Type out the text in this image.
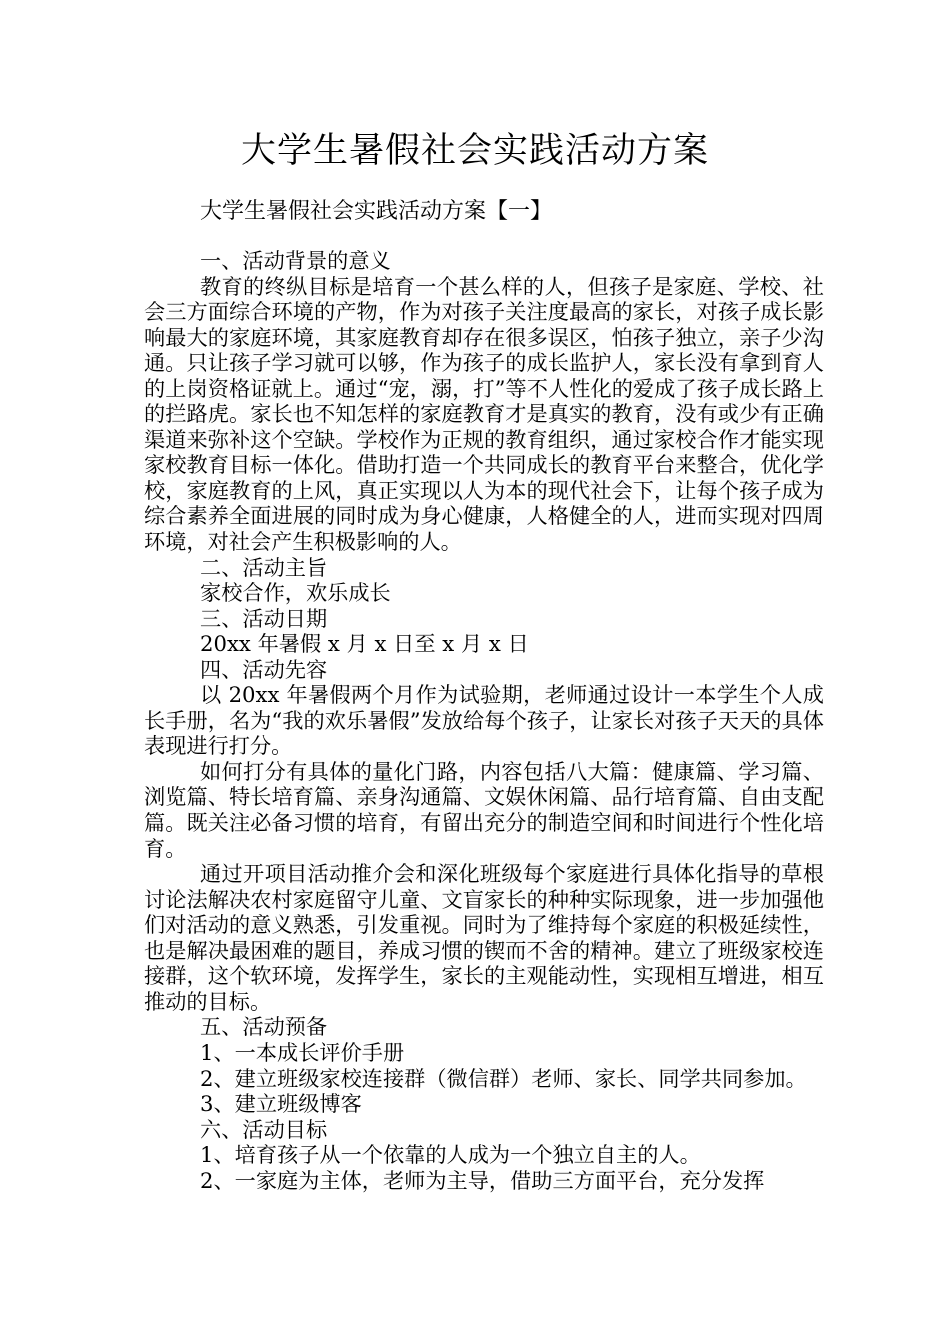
大学生暑假社会实践活动方案
大学生暑假社会实践活动方案【一】

一、活动背景的意义

教育的终纵目标是培育一个甚么样的人，但孩子是家庭、学校、社会三方面综合环境的产物，作为对孩子关注度最高的家长，对孩子成长影响最大的家庭环境，其家庭教育却存在很多误区，怕孩子独立，亲子少沟通。只让孩子学习就可以够，作为孩子的成长监护人，家长没有拿到育人的上岗资格证就上。通过“宠，溺，打”等不人性化的爱成了孩子成长路上的拦路虎。家长也不知怎样的家庭教育才是真实的教育，没有或少有正确渠道来弥补这个空缺。学校作为正规的教育组织，通过家校合作才能实现家校教育目标一体化。借助打造一个共同成长的教育平台来整合，优化学校，家庭教育的上风，真正实现以人为本的现代社会下，让每个孩子成为综合素养全面进展的同时成为身心健康，人格健全的人，进而实现对四周环境，对社会产生积极影响的人。

二、活动主旨

家校合作，欢乐成长

三、活动日期

20xx 年暑假 x 月 x 日至 x 月 x 日

四、活动先容

以 20xx 年暑假两个月作为试验期，老师通过设计一本学生个人成长手册，名为“我的欢乐暑假”发放给每个孩子，让家长对孩子天天的具体表现进行打分。

如何打分有具体的量化门路，内容包括八大篇：健康篇、学习篇、浏览篇、特长培育篇、亲身沟通篇、文娱休闲篇、品行培育篇、自由支配篇。既关注必备习惯的培育，有留出充分的制造空间和时间进行个性化培育。

通过开项目活动推介会和深化班级每个家庭进行具体化指导的草根讨论法解决农村家庭留守儿童、文盲家长的种种实际现象，进一步加强他们对活动的意义熟悉，引发重视。同时为了维持每个家庭的积极延续性，也是解决最困难的题目，养成习惯的锲而不舍的精神。建立了班级家校连接群，这个软环境，发挥学生，家长的主观能动性，实现相互增进，相互推动的目标。

五、活动预备

1、一本成长评价手册

2、建立班级家校连接群（微信群）老师、家长、同学共同参加。

3、建立班级博客

六、活动目标

1、培育孩子从一个依靠的人成为一个独立自主的人。

2、一家庭为主体，老师为主导，借助三方面平台，充分发挥
